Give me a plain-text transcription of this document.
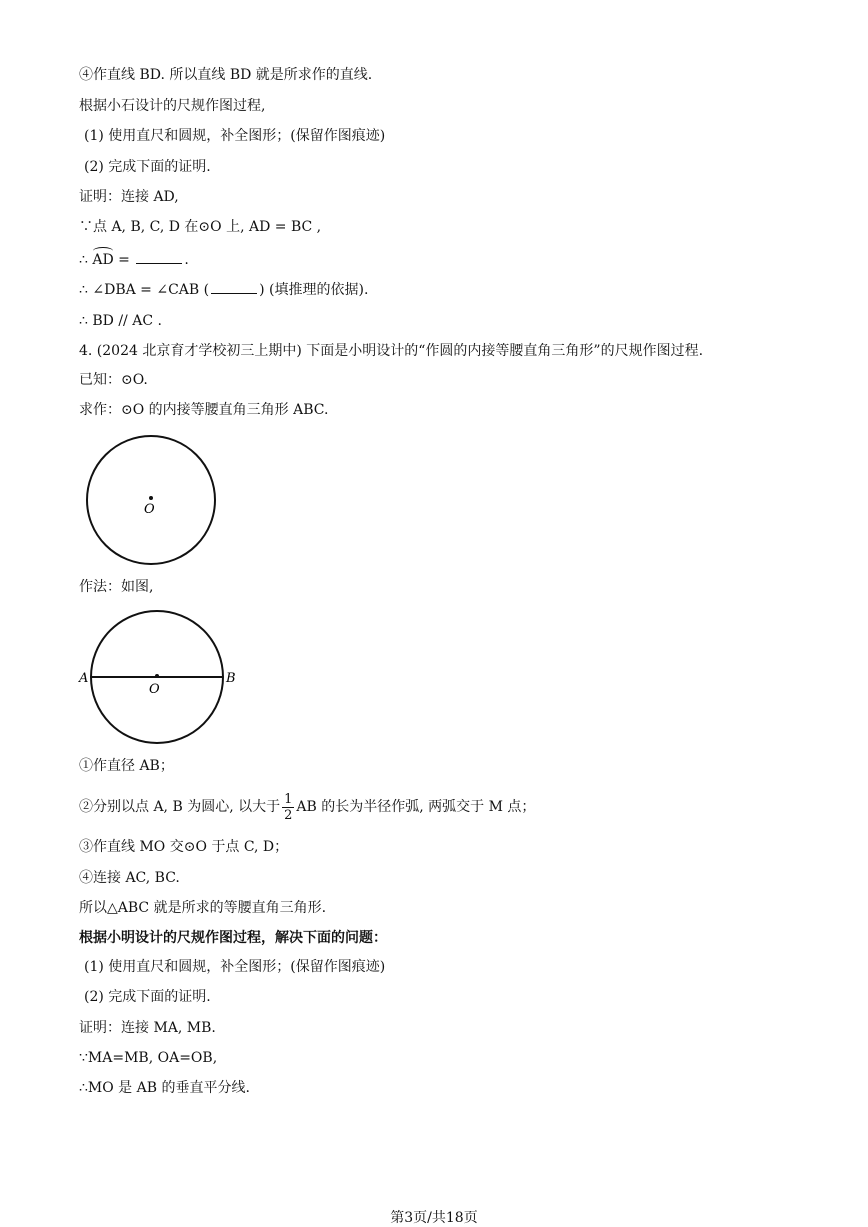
④作直线 BD. 所以直线 BD 就是所求作的直线.
根据小石设计的尺规作图过程,
(1) 使用直尺和圆规，补全图形；(保留作图痕迹)
(2) 完成下面的证明.
证明：连接 AD,
∵点 A, B, C, D 在⊙O 上, AD = BC ,
∴ AD =	.
∴ ∠DBA = ∠CAB (	) (填推理的依据).
∴ BD // AC .
4. (2024 北京育才学校初三上期中) 下面是小明设计的“作圆的内接等腰直角三角形”的尺规作图过程.
已知：⊙O.
求作：⊙O 的内接等腰直角三角形 ABC.
O
作法：如图,
A
O
B
①作直径 AB；
②分别以点 A, B 为圆心, 以大于 $\frac{1}{2}$ AB 的长为半径作弧, 两弧交于 M 点；
③作直线 MO 交⊙O 于点 C, D；
④连接 AC, BC.
所以△ABC 就是所求的等腰直角三角形.
根据小明设计的尺规作图过程，解决下面的问题：
(1) 使用直尺和圆规，补全图形；(保留作图痕迹)
(2) 完成下面的证明.
证明：连接 MA, MB.
∵MA=MB, OA=OB,
∴MO 是 AB 的垂直平分线.
第3页/共18页
